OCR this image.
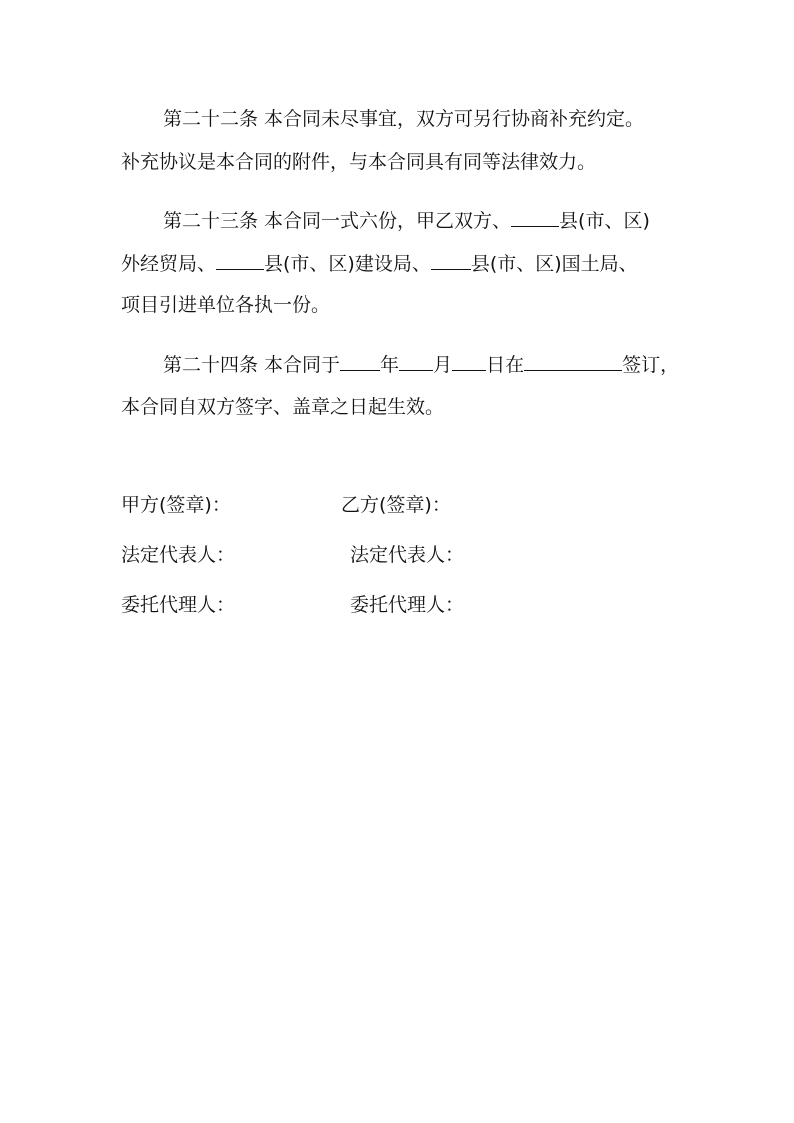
第二十二条 本合同未尽事宜，双方可另行协商补充约定。
补充协议是本合同的附件，与本合同具有同等法律效力。
第二十三条 本合同一式六份，甲乙双方、	县(市、区)
外经贸局、	县(市、区)建设局、 县(市、区)国土局、
项目引进单位各执一份。
第二十四条 本合同于 年 月 日在	签订，
本合同自双方签字、盖章之日起生效。
甲方(签章)：	乙方(签章)：
法定代表人：	法定代表人：
委托代理人：	委托代理人：
